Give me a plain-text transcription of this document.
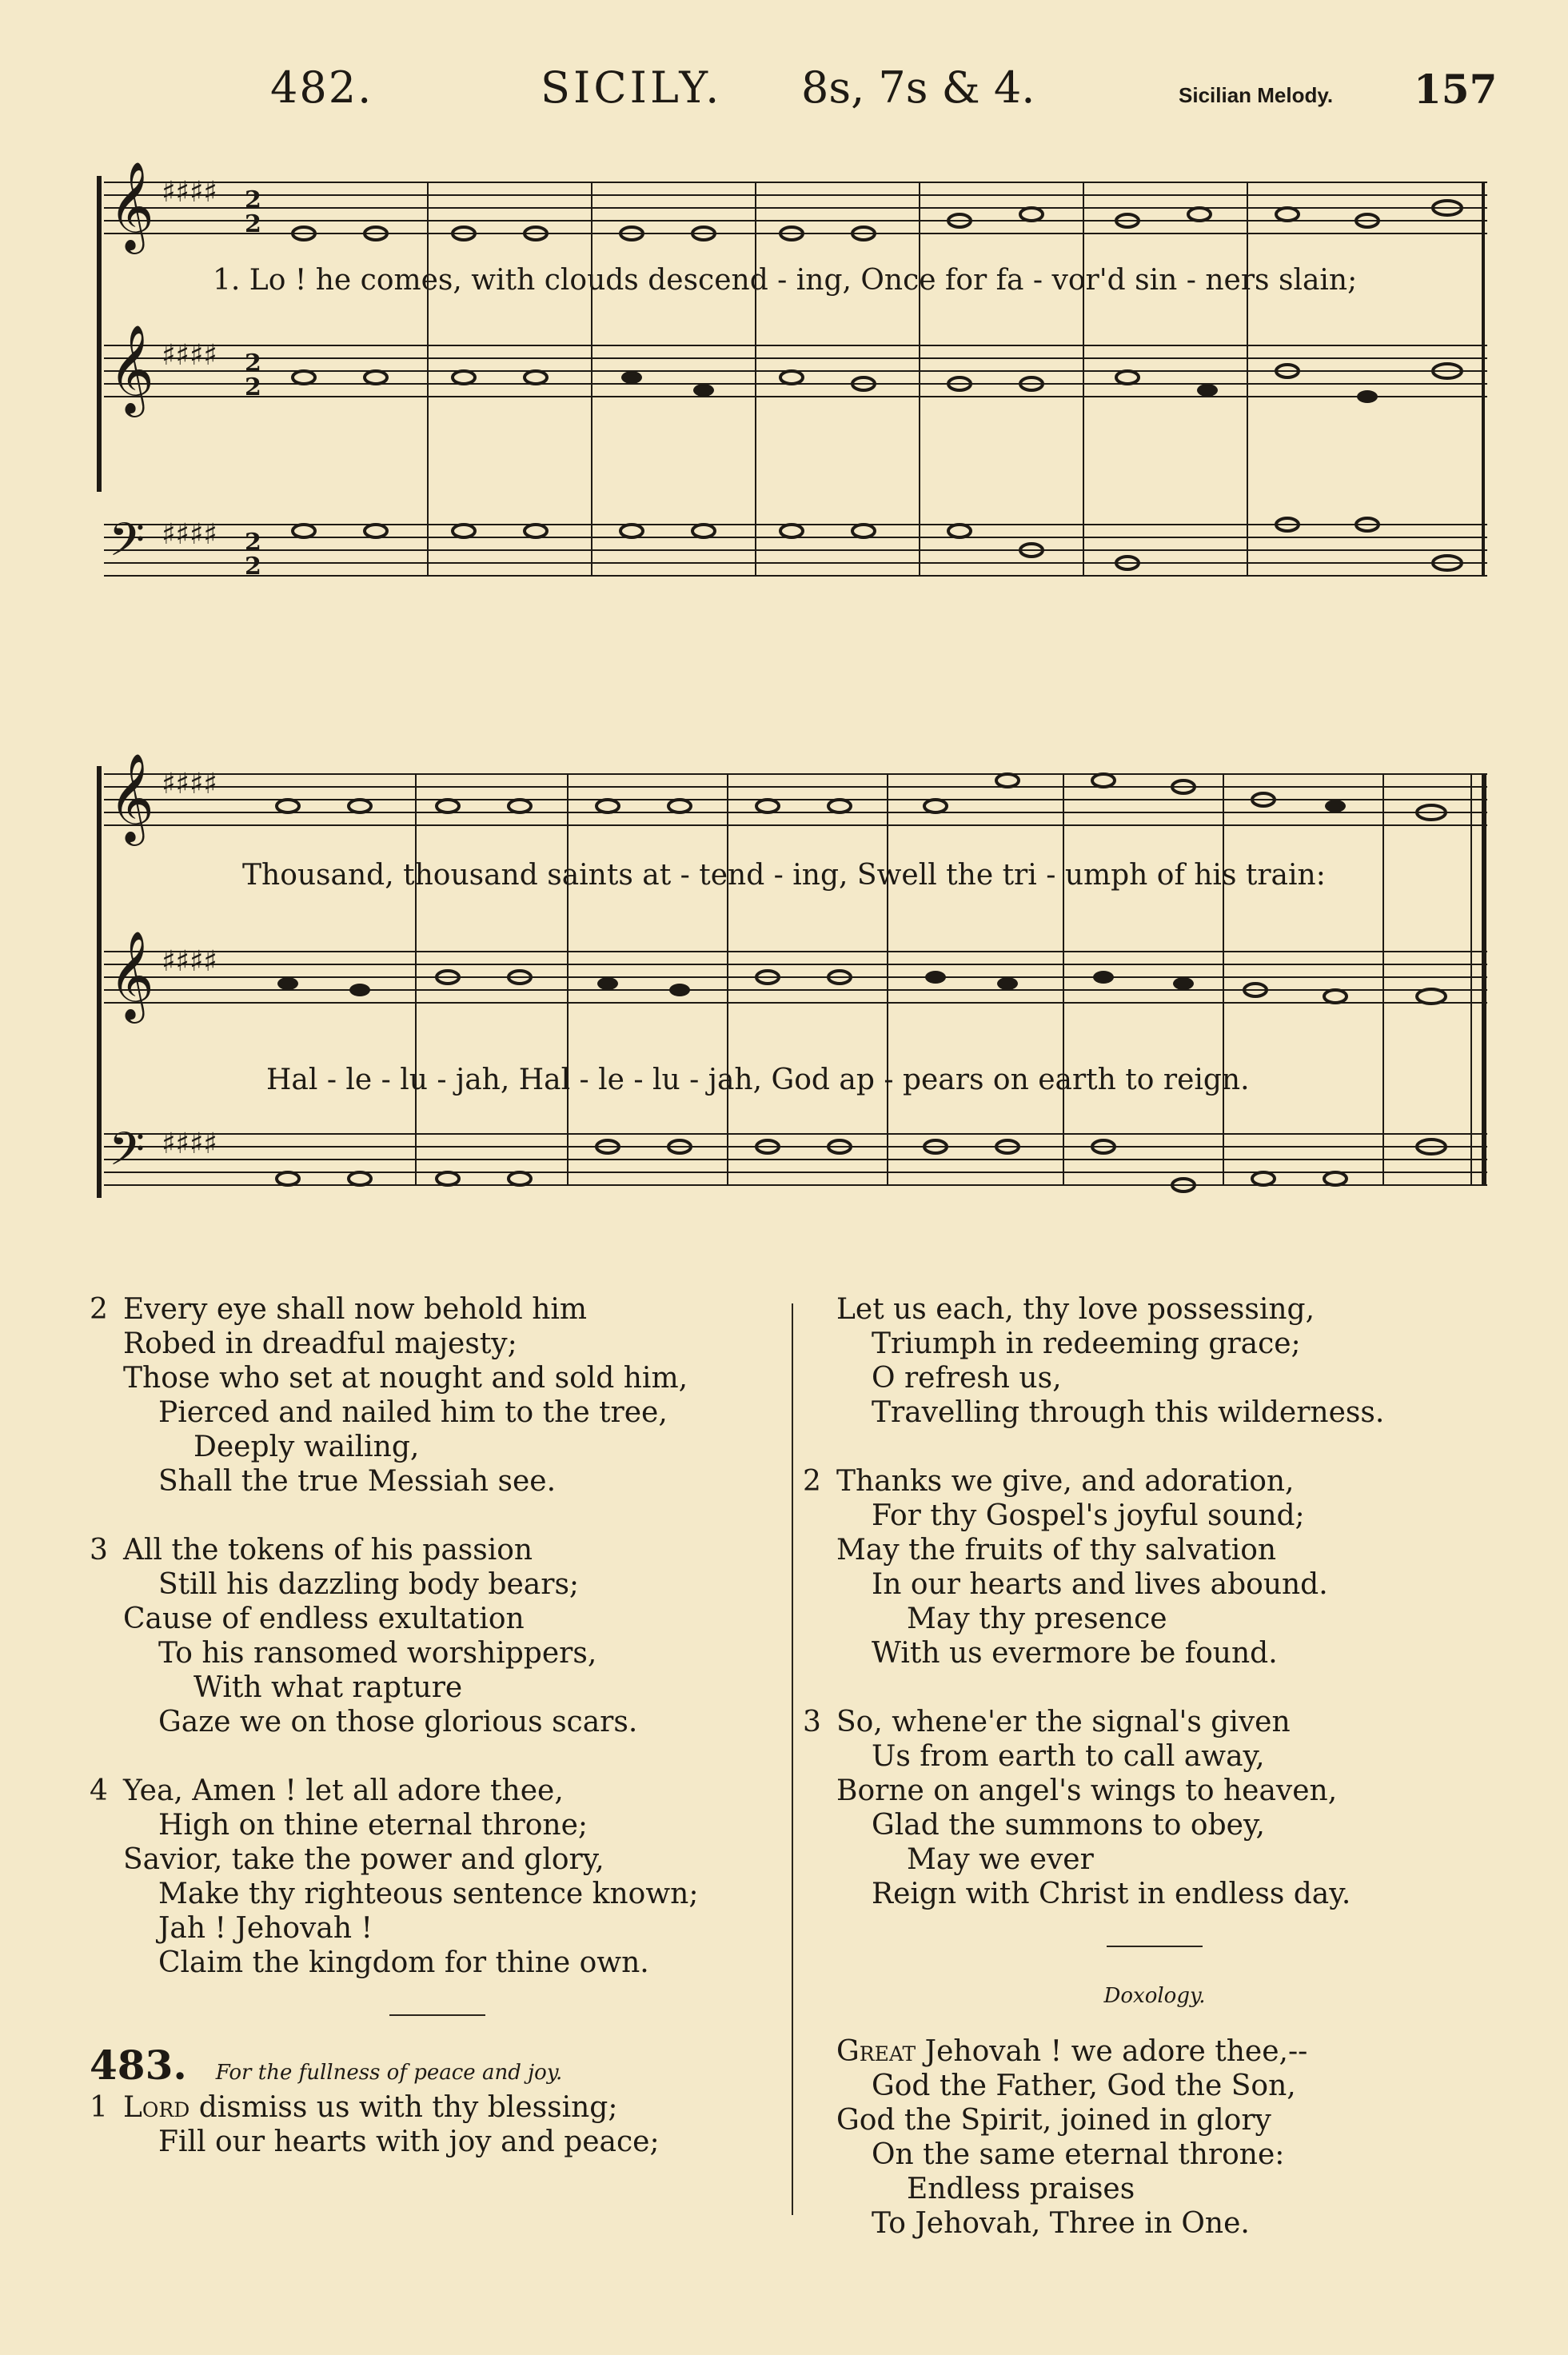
482.	SICILY. 8s, 7s & 4.	Sicilian Melody. 157
𝄞
𝄞
𝄢
♯♯♯♯
♯♯♯♯
♯♯♯♯
2
2
2
2
2
2
1. Lo ! he comes, with clouds descend - ing, Once for fa - vor'd sin - ners slain;
𝄞
𝄞
𝄢
♯♯♯♯
♯♯♯♯
♯♯♯♯
Thousand, thousand saints at - tend - ing, Swell the tri - umph of his train:
Hal - le - lu - jah, Hal - le - lu - jah, God ap - pears on earth to reign.
2 Every eye shall now behold him
Robed in dreadful majesty;
Those who set at nought and sold him,
Pierced and nailed him to the tree,
Deeply wailing,
Shall the true Messiah see.
3 All the tokens of his passion
Still his dazzling body bears;
Cause of endless exultation
To his ransomed worshippers,
With what rapture
Gaze we on those glorious scars.
4 Yea, Amen ! let all adore thee,
High on thine eternal throne;
Savior, take the power and glory,
Make thy righteous sentence known;
Jah ! Jehovah !
Claim the kingdom for thine own.
483. For the fullness of peace and joy.
1 Lord dismiss us with thy blessing;
Fill our hearts with joy and peace;
Let us each, thy love possessing,
Triumph in redeeming grace;
O refresh us,
Travelling through this wilderness.
2 Thanks we give, and adoration,
For thy Gospel's joyful sound;
May the fruits of thy salvation
In our hearts and lives abound.
May thy presence
With us evermore be found.
3 So, whene'er the signal's given
Us from earth to call away,
Borne on angel's wings to heaven,
Glad the summons to obey,
May we ever
Reign with Christ in endless day.
Doxology.
Great Jehovah ! we adore thee,--
God the Father, God the Son,
God the Spirit, joined in glory
On the same eternal throne:
Endless praises
To Jehovah, Three in One.
